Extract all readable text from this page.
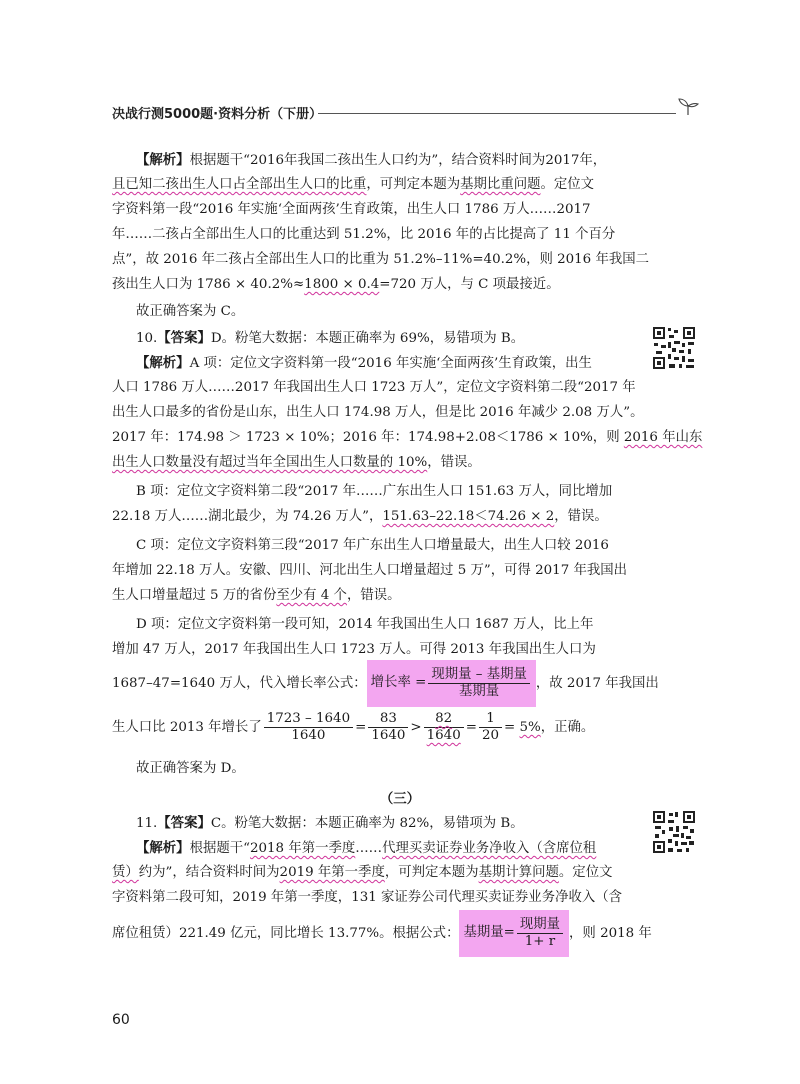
决战行测5000题·资料分析（下册）
【解析】根据题干“2016年我国二孩出生人口约为”，结合资料时间为2017年，
且已知二孩出生人口占全部出生人口的比重，可判定本题为基期比重问题。定位文
字资料第一段“2016 年实施‘全面两孩’生育政策，出生人口 1786 万人……2017
年……二孩占全部出生人口的比重达到 51.2%，比 2016 年的占比提高了 11 个百分
点”，故 2016 年二孩占全部出生人口的比重为 51.2%–11%=40.2%，则 2016 年我国二
孩出生人口为 1786 × 40.2%≈1800 × 0.4=720 万人，与 C 项最接近。
故正确答案为 C。
10.【答案】D。粉笔大数据：本题正确率为 69%，易错项为 B。
【解析】A 项：定位文字资料第一段“2016 年实施‘全面两孩’生育政策，出生
人口 1786 万人……2017 年我国出生人口 1723 万人”，定位文字资料第二段“2017 年
出生人口最多的省份是山东，出生人口 174.98 万人，但是比 2016 年减少 2.08 万人”。
2017 年：174.98 ＞ 1723 × 10%；2016 年：174.98+2.08＜1786 × 10%，则 2016 年山东
出生人口数量没有超过当年全国出生人口数量的 10%，错误。
B 项：定位文字资料第二段“2017 年……广东出生人口 151.63 万人，同比增加
22.18 万人……湖北最少，为 74.26 万人”，151.63–22.18＜74.26 × 2，错误。
C 项：定位文字资料第三段“2017 年广东出生人口增量最大，出生人口较 2016
年增加 22.18 万人。安徽、四川、河北出生人口增量超过 5 万”，可得 2017 年我国出
生人口增量超过 5 万的省份至少有 4 个，错误。
D 项：定位文字资料第一段可知，2014 年我国出生人口 1687 万人，比上年
增加 47 万人，2017 年我国出生人口 1723 万人。可得 2013 年我国出生人口为
1687–47=1640 万人，代入增长率公式： 增长率 = $\frac{\text{现期量 – 基期量}}{\text{基期量}}$ ，故 2017 年我国出
生人口比 2013 年增长了 $\frac{1723 - 1640}{1640} = \frac{83}{1640} > \frac{82}{1640} = \frac{1}{20} = 5\%$，正确。
故正确答案为 D。
（三）
11.【答案】C。粉笔大数据：本题正确率为 82%，易错项为 B。
【解析】根据题干“2018 年第一季度……代理买卖证券业务净收入（含席位租
赁）约为”，结合资料时间为2019 年第一季度，可判定本题为基期计算问题。定位文
字资料第二段可知，2019 年第一季度，131 家证券公司代理买卖证券业务净收入（含
席位租赁）221.49 亿元，同比增长 13.77%。根据公式： 基期量= $\frac{\text{现期量}}{1+ r}$ ，则 2018 年
60
